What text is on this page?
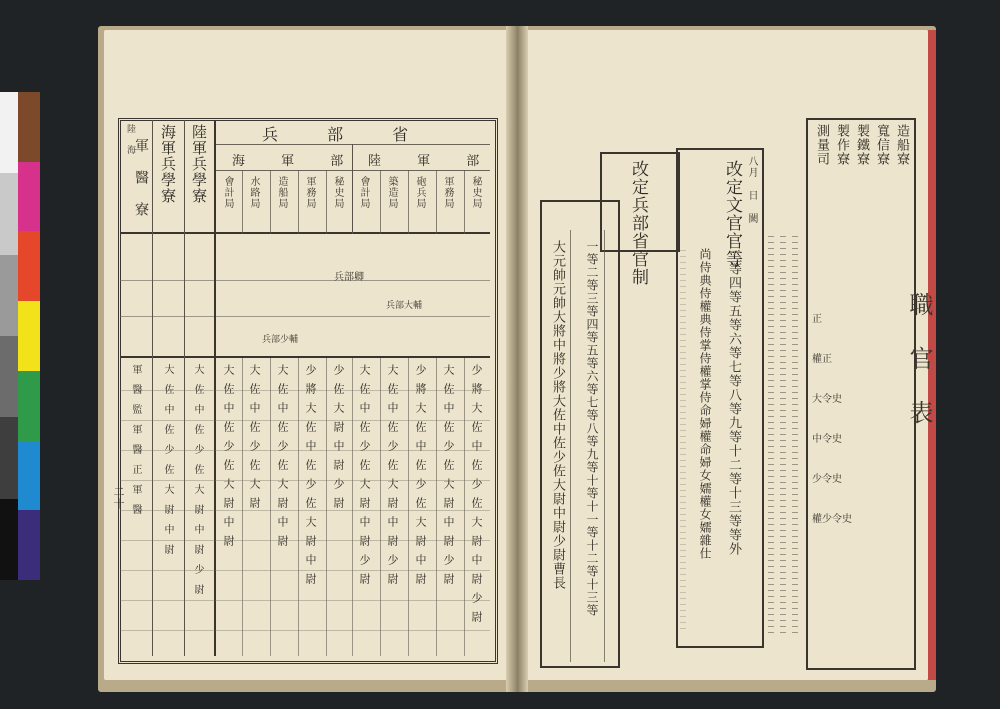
兵 部 省
陸 軍 部
海 軍 部
陸軍兵學寮
海軍兵學寮
軍 醫 寮
陸 海
秘史局
軍務局
砲兵局
築造局
會計局
秘史局
軍務局
造船局
水路局
會計局
兵部卿
兵部大輔
兵部少輔
少將大佐中佐少佐大尉中尉少尉
大佐中佐少佐大尉中尉少尉
少將大佐中佐少佐大尉中尉
大佐中佐少佐大尉中尉少尉
大佐中佐少佐大尉中尉少尉
少佐大尉中尉少尉
少將大佐中佐少佐大尉中尉
大佐中佐少佐大尉中尉
大佐中佐少佐大尉
大佐中佐少佐大尉中尉
大佐中佐少佐大尉中尉少尉
大佐中佐少佐大尉中尉
軍醫監軍醫正軍醫
二十
職 官 表
造船寮
寬信寮
製鐵寮
製作寮
測量司
改定文官官等 八月 日 闕
二等四等五等六等七等八等九等十二等十三等等外
尚侍典侍權典侍掌侍權掌侍命婦權命婦女嬬權女嬬雜仕
改定兵部省官制
大元帥元帥大將中將少將大佐中佐少佐大尉中尉少尉曹長 一等二等三等四等五等六等七等八等九等十等十一等十二等十三等	正
權正
大令史
中令史
少令史
權少令史
